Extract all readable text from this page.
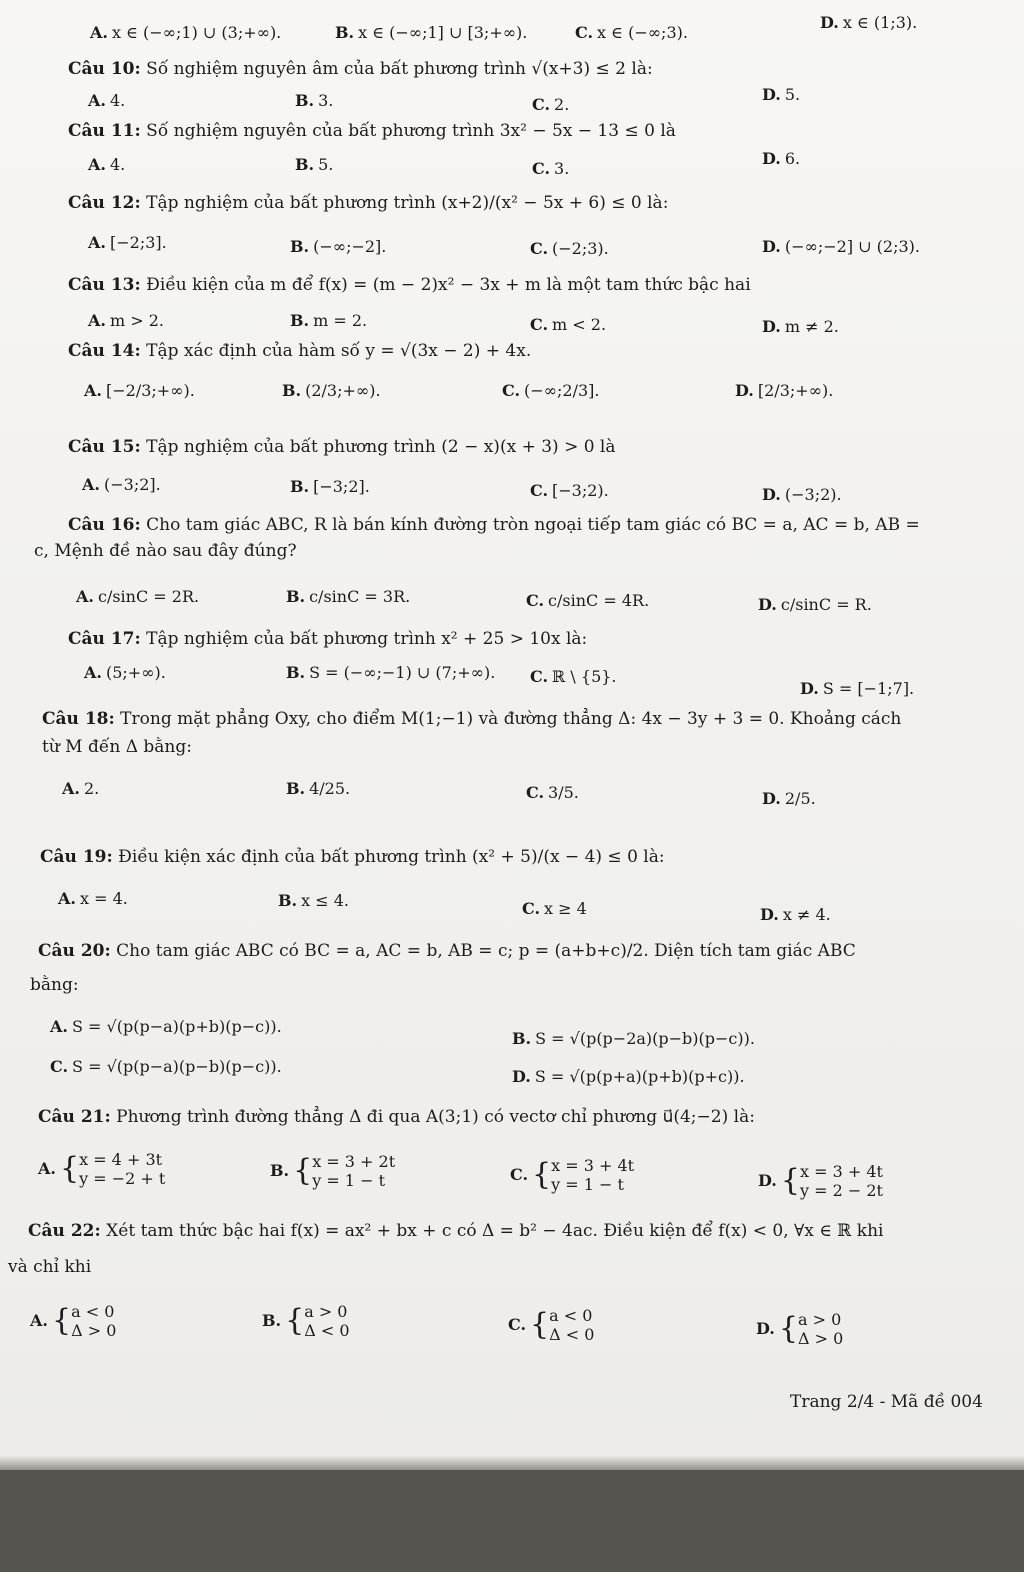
A. x ∈ (−∞;1) ∪ (3;+∞).	B. x ∈ (−∞;1] ∪ [3;+∞).	C. x ∈ (−∞;3).
D. x ∈ (1;3).
Câu 10: Số nghiệm nguyên âm của bất phương trình √(x+3) ≤ 2 là:
A. 4.	B. 3.	C. 2.
D. 5.
Câu 11: Số nghiệm nguyên của bất phương trình 3x² − 5x − 13 ≤ 0 là
A. 4.	B. 5.	C. 3.
D. 6.
Câu 12: Tập nghiệm của bất phương trình (x+2)/(x² − 5x + 6) ≤ 0 là:
A. [−2;3].	B. (−∞;−2].	C. (−2;3).	D. (−∞;−2] ∪ (2;3).
Câu 13: Điều kiện của m để f(x) = (m − 2)x² − 3x + m là một tam thức bậc hai
A. m > 2.	B. m = 2.	C. m < 2.	D. m ≠ 2.
Câu 14: Tập xác định của hàm số y = √(3x − 2) + 4x.
A. [−2/3;+∞).	B. (2/3;+∞).	C. (−∞;2/3].	D. [2/3;+∞).
Câu 15: Tập nghiệm của bất phương trình (2 − x)(x + 3) > 0 là
A. (−3;2].	B. [−3;2].	C. [−3;2).	D. (−3;2).
Câu 16: Cho tam giác ABC, R là bán kính đường tròn ngoại tiếp tam giác có BC = a, AC = b, AB =
c, Mệnh đề nào sau đây đúng?
A. c/sinC = 2R.	B. c/sinC = 3R.	C. c/sinC = 4R.	D. c/sinC = R.
Câu 17: Tập nghiệm của bất phương trình x² + 25 > 10x là:
A. (5;+∞).	B. S = (−∞;−1) ∪ (7;+∞). C. ℝ \ {5}.
D. S = [−1;7].
Câu 18: Trong mặt phẳng Oxy, cho điểm M(1;−1) và đường thẳng Δ: 4x − 3y + 3 = 0. Khoảng cách
từ M đến Δ bằng:
A. 2.	B. 4/25.	C. 3/5.	D. 2/5.
Câu 19: Điều kiện xác định của bất phương trình (x² + 5)/(x − 4) ≤ 0 là:
A. x = 4.	B. x ≤ 4.	C. x ≥ 4	D. x ≠ 4.
Câu 20: Cho tam giác ABC có BC = a, AC = b, AB = c; p = (a+b+c)/2. Diện tích tam giác ABC
bằng:
A. S = √(p(p−a)(p+b)(p−c)).
B. S = √(p(p−2a)(p−b)(p−c)).
C. S = √(p(p−a)(p−b)(p−c)).
D. S = √(p(p+a)(p+b)(p+c)).
Câu 21: Phương trình đường thẳng Δ đi qua A(3;1) có vectơ chỉ phương u⃗(4;−2) là:
A. {x = 4 + 3t
y = −2 + t	B. {x = 3 + 2t
y = 1 − t	C. {x = 3 + 4t
y = 1 − t	D. {x = 3 + 4t
y = 2 − 2t
Câu 22: Xét tam thức bậc hai f(x) = ax² + bx + c có Δ = b² − 4ac. Điều kiện để f(x) < 0, ∀x ∈ ℝ khi
và chỉ khi
A. {a < 0
Δ > 0
B. {a > 0
Δ < 0	C. {a < 0
Δ < 0	D. {a > 0
Δ > 0
Trang 2/4 - Mã đề 004
